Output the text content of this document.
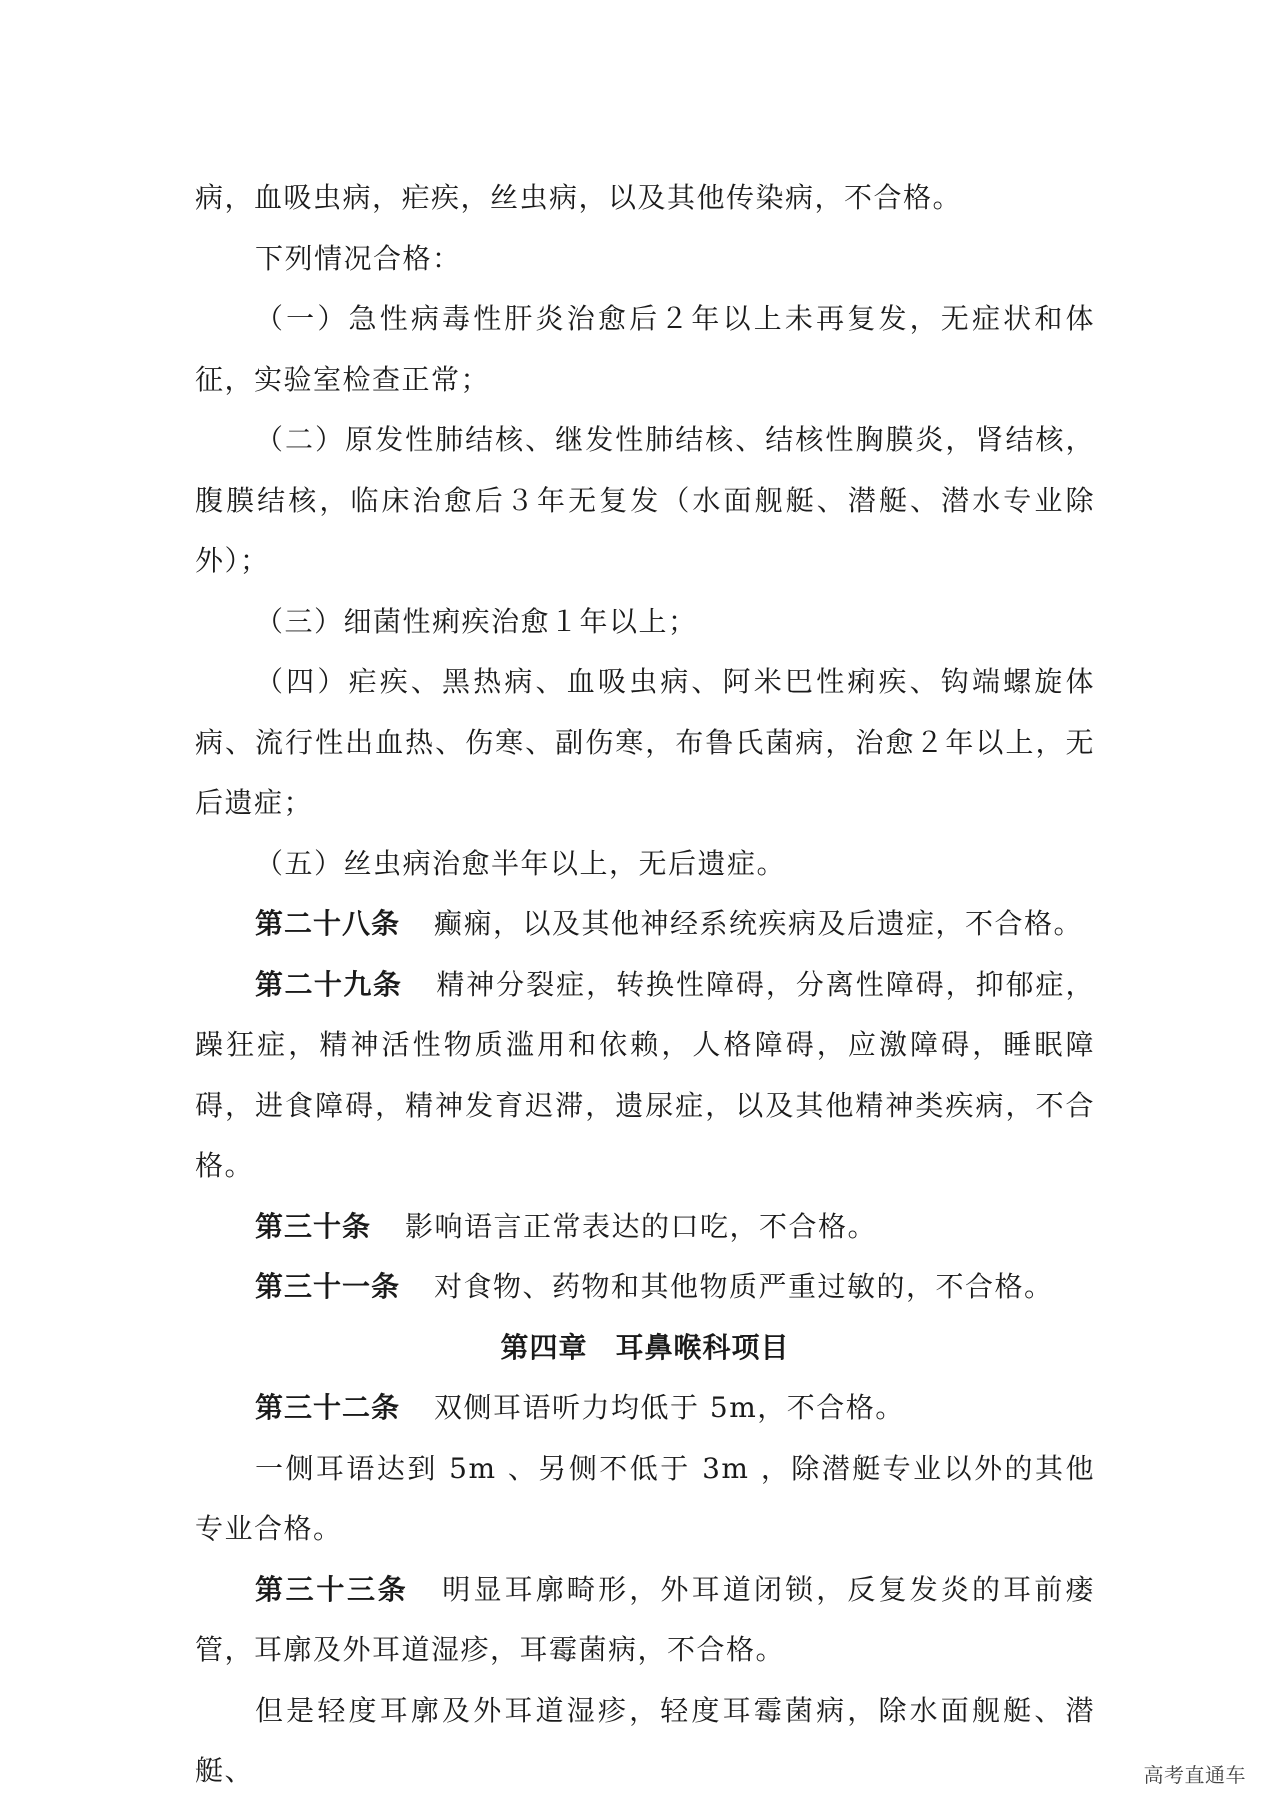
病，血吸虫病，疟疾，丝虫病，以及其他传染病，不合格。

下列情况合格：

（一）急性病毒性肝炎治愈后２年以上未再复发，无症状和体征，实验室检查正常；

（二）原发性肺结核、继发性肺结核、结核性胸膜炎，肾结核，腹膜结核，临床治愈后３年无复发（水面舰艇、潜艇、潜水专业除外）；

（三）细菌性痢疾治愈１年以上；

（四）疟疾、黑热病、血吸虫病、阿米巴性痢疾、钩端螺旋体病、流行性出血热、伤寒、副伤寒，布鲁氏菌病，治愈２年以上，无后遗症；

（五）丝虫病治愈半年以上，无后遗症。

第二十八条 癫痫，以及其他神经系统疾病及后遗症，不合格。

第二十九条 精神分裂症，转换性障碍，分离性障碍，抑郁症，躁狂症，精神活性物质滥用和依赖，人格障碍，应激障碍，睡眠障碍，进食障碍，精神发育迟滞，遗尿症，以及其他精神类疾病，不合格。

第三十条 影响语言正常表达的口吃，不合格。

第三十一条 对食物、药物和其他物质严重过敏的，不合格。

第四章 耳鼻喉科项目

第三十二条 双侧耳语听力均低于 5m，不合格。

一侧耳语达到 5m 、另侧不低于 3m ，除潜艇专业以外的其他专业合格。

第三十三条 明显耳廓畸形，外耳道闭锁，反复发炎的耳前瘘管，耳廓及外耳道湿疹，耳霉菌病，不合格。

但是轻度耳廓及外耳道湿疹，轻度耳霉菌病，除水面舰艇、潜艇、	高考直通车
